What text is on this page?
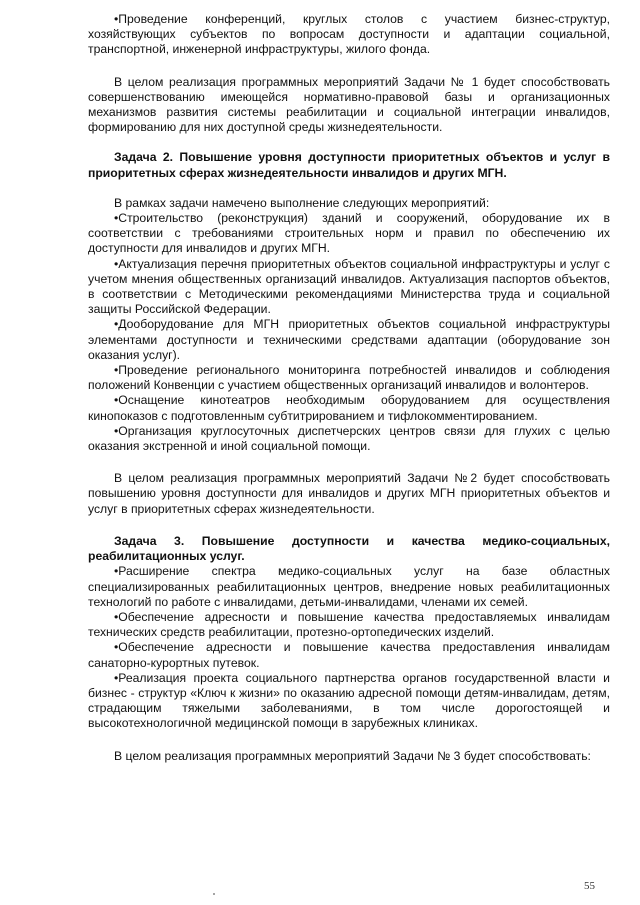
•Проведение конференций, круглых столов с участием бизнес-структур, хозяйствующих субъектов по вопросам доступности и адаптации социальной, транспортной, инженерной инфраструктуры, жилого фонда.

В целом реализация программных мероприятий Задачи № 1 будет способствовать совершенствованию имеющейся нормативно-правовой базы и организационных механизмов развития системы реабилитации и социальной интеграции инвалидов, формированию для них доступной среды жизнедеятельности.

Задача 2. Повышение уровня доступности приоритетных объектов и услуг в приоритетных сферах жизнедеятельности инвалидов и других МГН.

В рамках задачи намечено выполнение следующих мероприятий:

•Строительство (реконструкция) зданий и сооружений, оборудование их в соответствии с требованиями строительных норм и правил по обеспечению их доступности для инвалидов и других МГН.

•Актуализация перечня приоритетных объектов социальной инфраструктуры и услуг с учетом мнения общественных организаций инвалидов. Актуализация паспортов объектов, в соответствии с Методическими рекомендациями Министерства труда и социальной защиты Российской Федерации.

•Дооборудование для МГН приоритетных объектов социальной инфраструктуры элементами доступности и техническими средствами адаптации (оборудование зон оказания услуг).

•Проведение регионального мониторинга потребностей инвалидов и соблюдения положений Конвенции с участием общественных организаций инвалидов и волонтеров.

•Оснащение кинотеатров необходимым оборудованием для осуществления кинопоказов с подготовленным субтитрированием и тифлокомментированием.

•Организация круглосуточных диспетчерских центров связи для глухих с целью оказания экстренной и иной социальной помощи.

В целом реализация программных мероприятий Задачи №2 будет способствовать повышению уровня доступности для инвалидов и других МГН приоритетных объектов и услуг в приоритетных сферах жизнедеятельности.

Задача 3. Повышение доступности и качества медико-социальных, реабилитационных услуг.

•Расширение спектра медико-социальных услуг на базе областных специализированных реабилитационных центров, внедрение новых реабилитационных технологий по работе с инвалидами, детьми-инвалидами, членами их семей.

•Обеспечение адресности и повышение качества предоставляемых инвалидам технических средств реабилитации, протезно-ортопедических изделий.

•Обеспечение адресности и повышение качества предоставления инвалидам санаторно-курортных путевок.

•Реализация проекта социального партнерства органов государственной власти и бизнес - структур «Ключ к жизни» по оказанию адресной помощи детям-инвалидам, детям, страдающим тяжелыми заболеваниями, в том числе дорогостоящей и высокотехнологичной медицинской помощи в зарубежных клиниках.

В целом реализация программных мероприятий Задачи № 3 будет способствовать:

55
